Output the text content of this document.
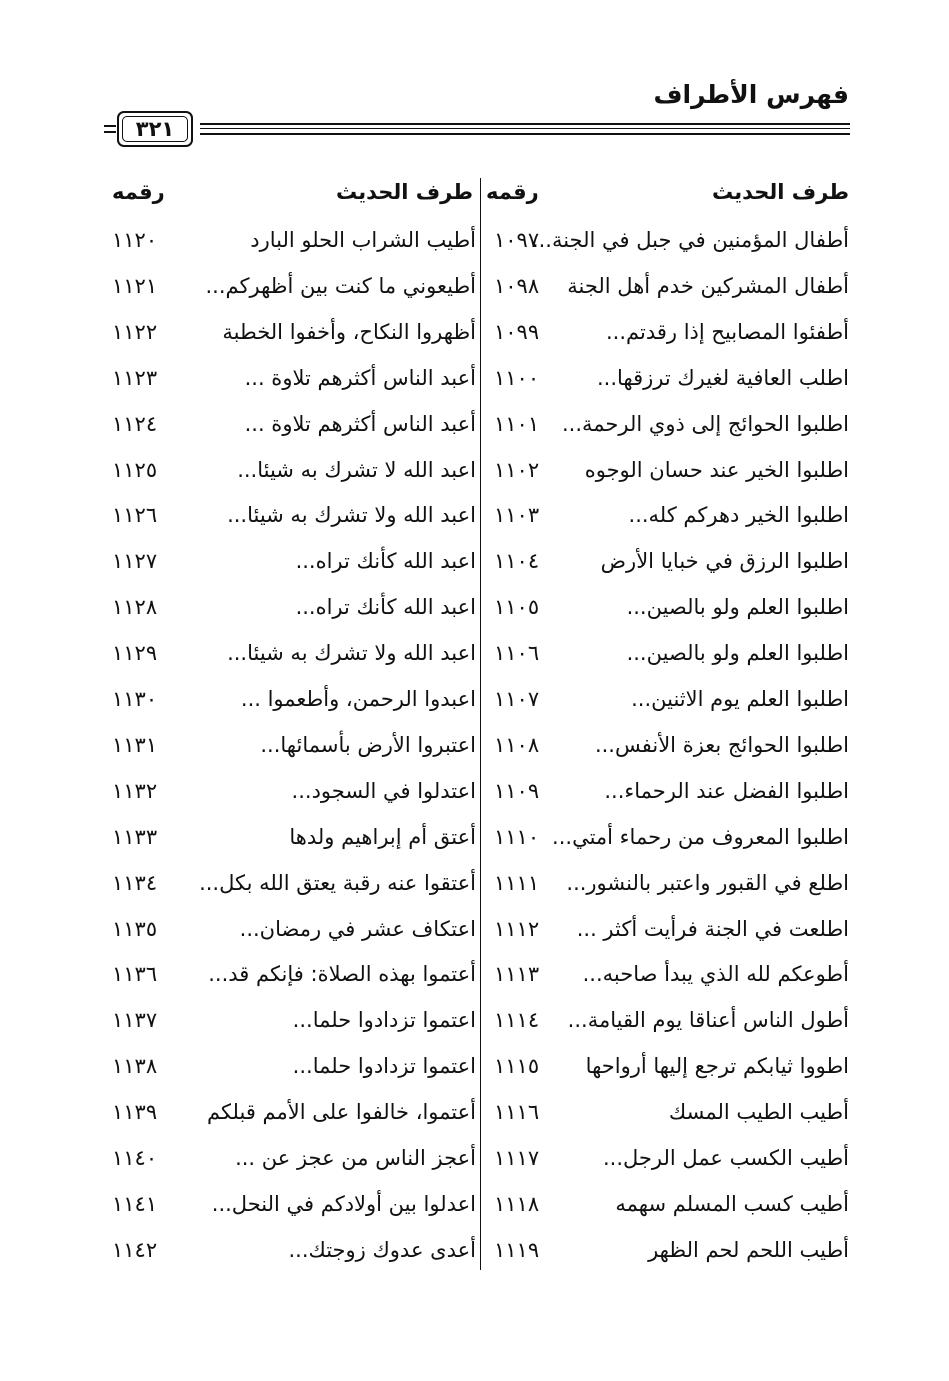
فهرس الأطراف
٣٢١
طرف الحديث
رقمه
طرف الحديث
رقمه
أطفال المؤمنين في جبل في الجنة...
١٠٩٧
أطيب الشراب الحلو البارد
١١٢٠
أطفال المشركين خدم أهل الجنة
١٠٩٨
أطيعوني ما كنت بين أظهركم...
١١٢١
أطفئوا المصابيح إذا رقدتم...
١٠٩٩
أظهروا النكاح، وأخفوا الخطبة
١١٢٢
اطلب العافية لغيرك ترزقها...
١١٠٠
أعبد الناس أكثرهم تلاوة ...
١١٢٣
اطلبوا الحوائج إلى ذوي الرحمة...
١١٠١
أعبد الناس أكثرهم تلاوة ...
١١٢٤
اطلبوا الخير عند حسان الوجوه
١١٠٢
اعبد الله لا تشرك به شيئا...
١١٢٥
اطلبوا الخير دهركم كله...
١١٠٣
اعبد الله ولا تشرك به شيئا...
١١٢٦
اطلبوا الرزق في خبايا الأرض
١١٠٤
اعبد الله كأنك تراه...
١١٢٧
اطلبوا العلم ولو بالصين...
١١٠٥
اعبد الله كأنك تراه...
١١٢٨
اطلبوا العلم ولو بالصين...
١١٠٦
اعبد الله ولا تشرك به شيئا...
١١٢٩
اطلبوا العلم يوم الاثنين...
١١٠٧
اعبدوا الرحمن، وأطعموا ...
١١٣٠
اطلبوا الحوائج بعزة الأنفس...
١١٠٨
اعتبروا الأرض بأسمائها...
١١٣١
اطلبوا الفضل عند الرحماء...
١١٠٩
اعتدلوا في السجود...
١١٣٢
اطلبوا المعروف من رحماء أمتي...
١١١٠
أعتق أم إبراهيم ولدها
١١٣٣
اطلع في القبور واعتبر بالنشور...
١١١١
أعتقوا عنه رقبة يعتق الله بكل...
١١٣٤
اطلعت في الجنة فرأيت أكثر ...
١١١٢
اعتكاف عشر في رمضان...
١١٣٥
أطوعكم لله الذي يبدأ صاحبه...
١١١٣
أعتموا بهذه الصلاة: فإنكم قد...
١١٣٦
أطول الناس أعناقا يوم القيامة...
١١١٤
اعتموا تزدادوا حلما...
١١٣٧
اطووا ثيابكم ترجع إليها أرواحها
١١١٥
اعتموا تزدادوا حلما...
١١٣٨
أطيب الطيب المسك
١١١٦
أعتموا، خالفوا على الأمم قبلكم
١١٣٩
أطيب الكسب عمل الرجل...
١١١٧
أعجز الناس من عجز عن ...
١١٤٠
أطيب كسب المسلم سهمه
١١١٨
اعدلوا بين أولادكم في النحل...
١١٤١
أطيب اللحم لحم الظهر
١١١٩
أعدى عدوك زوجتك...
١١٤٢
